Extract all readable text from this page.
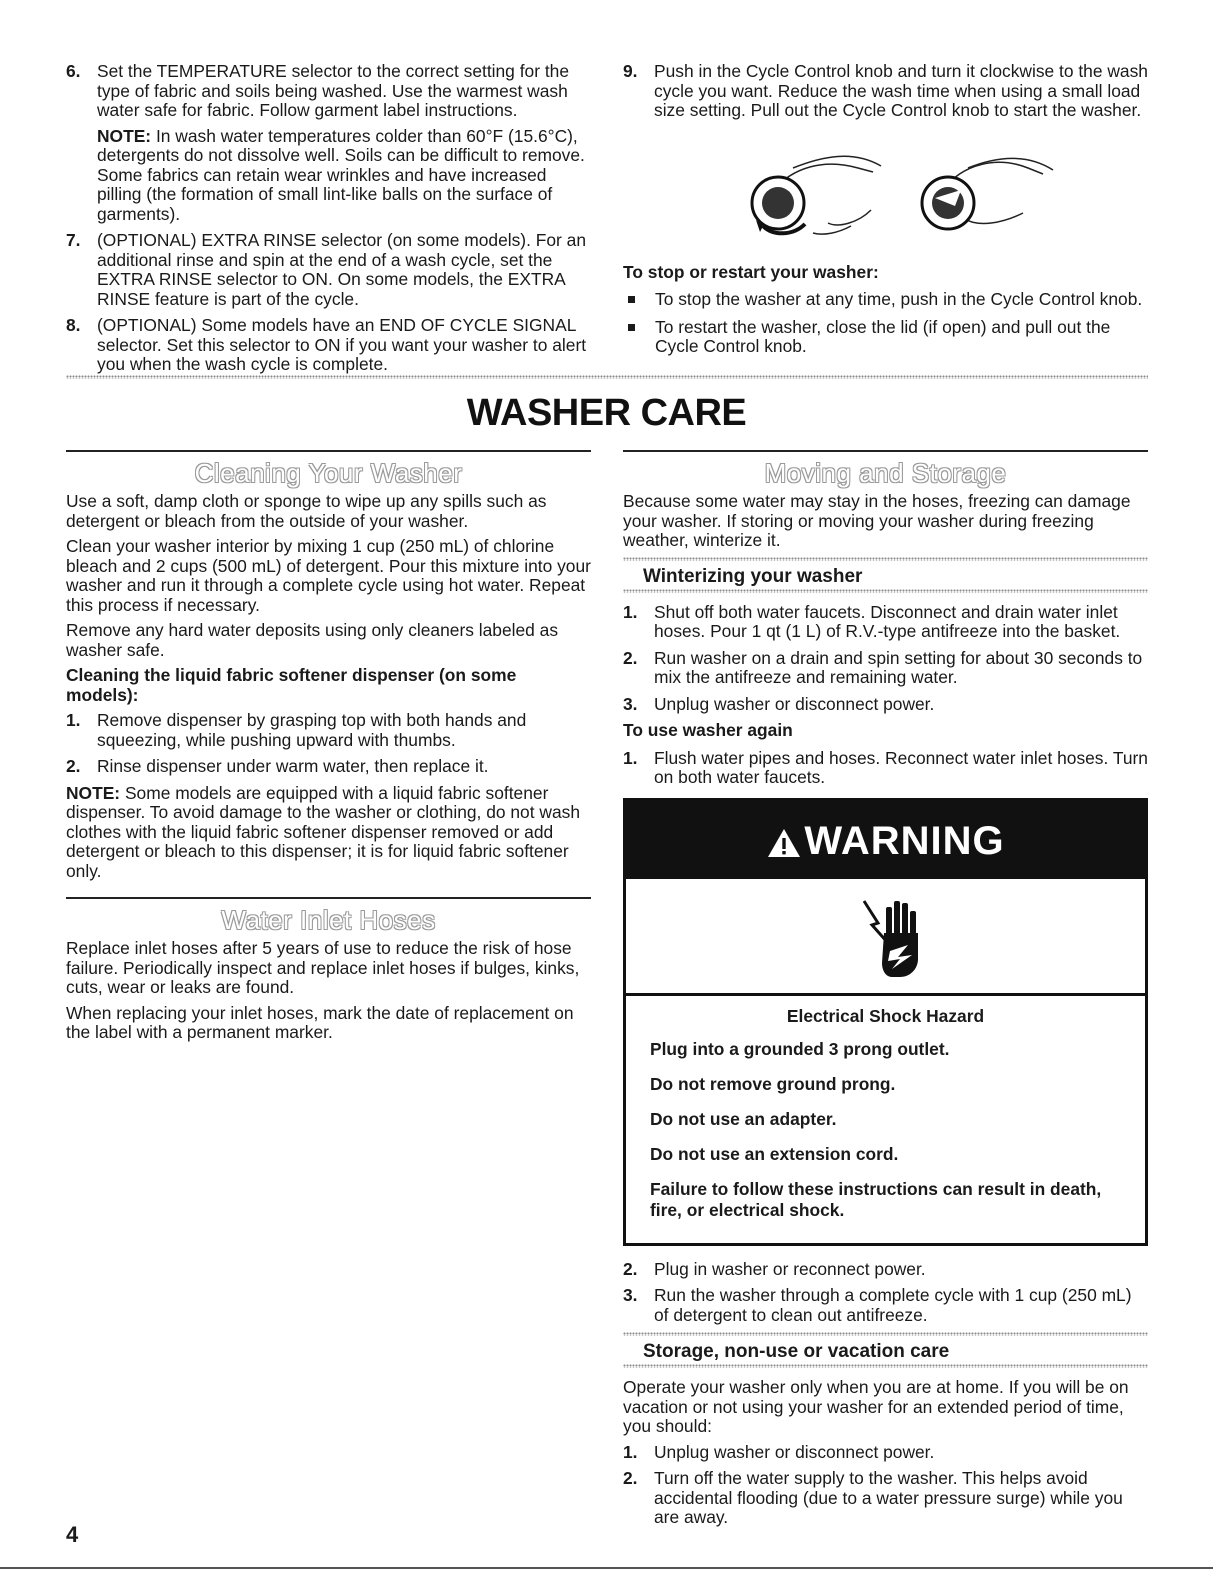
6. Set the TEMPERATURE selector to the correct setting for the type of fabric and soils being washed. Use the warmest wash water safe for fabric. Follow garment label instructions.

NOTE: In wash water temperatures colder than 60°F (15.6°C), detergents do not dissolve well. Soils can be difficult to remove. Some fabrics can retain wear wrinkles and have increased pilling (the formation of small lint-like balls on the surface of garments).

7. (OPTIONAL) EXTRA RINSE selector (on some models). For an additional rinse and spin at the end of a wash cycle, set the EXTRA RINSE selector to ON. On some models, the EXTRA RINSE feature is part of the cycle.
8. (OPTIONAL) Some models have an END OF CYCLE SIGNAL selector. Set this selector to ON if you want your washer to alert you when the wash cycle is complete.
9. Push in the Cycle Control knob and turn it clockwise to the wash cycle you want. Reduce the wash time when using a small load size setting. Pull out the Cycle Control knob to start the washer.
To stop or restart your washer:
To stop the washer at any time, push in the Cycle Control knob.
To restart the washer, close the lid (if open) and pull out the Cycle Control knob.
WASHER CARE
Cleaning Your Washer

Use a soft, damp cloth or sponge to wipe up any spills such as detergent or bleach from the outside of your washer.

Clean your washer interior by mixing 1 cup (250 mL) of chlorine bleach and 2 cups (500 mL) of detergent. Pour this mixture into your washer and run it through a complete cycle using hot water. Repeat this process if necessary.

Remove any hard water deposits using only cleaners labeled as washer safe.

Cleaning the liquid fabric softener dispenser (on some models):

1. Remove dispenser by grasping top with both hands and squeezing, while pushing upward with thumbs.
2. Rinse dispenser under warm water, then replace it.

NOTE: Some models are equipped with a liquid fabric softener dispenser. To avoid damage to the washer or clothing, do not wash clothes with the liquid fabric softener dispenser removed or add detergent or bleach to this dispenser; it is for liquid fabric softener only.

Water Inlet Hoses

Replace inlet hoses after 5 years of use to reduce the risk of hose failure. Periodically inspect and replace inlet hoses if bulges, kinks, cuts, wear or leaks are found.

When replacing your inlet hoses, mark the date of replacement on the label with a permanent marker.

Moving and Storage

Because some water may stay in the hoses, freezing can damage your washer. If storing or moving your washer during freezing weather, winterize it.

Winterizing your washer
1. Shut off both water faucets. Disconnect and drain water inlet hoses. Pour 1 qt (1 L) of R.V.-type antifreeze into the basket.
2. Run washer on a drain and spin setting for about 30 seconds to mix the antifreeze and remaining water.
3. Unplug washer or disconnect power.
To use washer again
1. Flush water pipes and hoses. Reconnect water inlet hoses. Turn on both water faucets.
WARNING
Electrical Shock Hazard

Plug into a grounded 3 prong outlet.

Do not remove ground prong.

Do not use an adapter.

Do not use an extension cord.

Failure to follow these instructions can result in death, fire, or electrical shock.

2. Plug in washer or reconnect power.
3. Run the washer through a complete cycle with 1 cup (250 mL) of detergent to clean out antifreeze.
Storage, non-use or vacation care

Operate your washer only when you are at home. If you will be on vacation or not using your washer for an extended period of time, you should:

1. Unplug washer or disconnect power.
2. Turn off the water supply to the washer. This helps avoid accidental flooding (due to a water pressure surge) while you are away.
4
